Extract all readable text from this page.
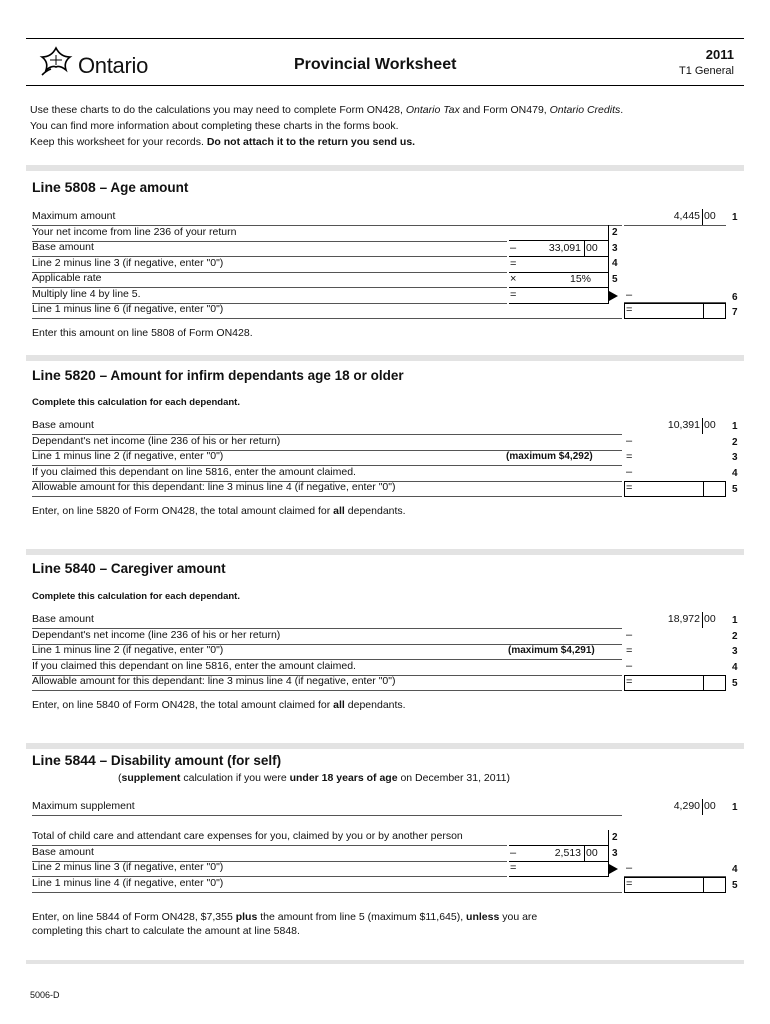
Ontario	Provincial Worksheet
2011
T1 General
Use these charts to do the calculations you may need to complete Form ON428, Ontario Tax and Form ON479, Ontario Credits.
You can find more information about completing these charts in the forms book.
Keep this worksheet for your records. Do not attach it to the return you send us.
Line 5808 – Age amount
Maximum amount
Your net income from line 236 of your return
Base amount
Line 2 minus line 3 (if negative, enter "0")
Applicable rate
Multiply line 4 by line 5.
Line 1 minus line 6 (if negative, enter "0")
4,445 00
33,091 00
15%
–
=
×
=
2
3
4
5
–
=
1
6
7
Enter this amount on line 5808 of Form ON428.
Line 5820 – Amount for infirm dependants age 18 or older
Complete this calculation for each dependant.
Base amount
Dependant's net income (line 236 of his or her return)
Line 1 minus line 2 (if negative, enter "0")
If you claimed this dependant on line 5816, enter the amount claimed.
Allowable amount for this dependant: line 3 minus line 4 (if negative, enter "0")
(maximum $4,292)
10,391 00
–
=
–
=
1
2
3
4
5
Enter, on line 5820 of Form ON428, the total amount claimed for all dependants.
Line 5840 – Caregiver amount
Complete this calculation for each dependant.
Base amount
Dependant's net income (line 236 of his or her return)
Line 1 minus line 2 (if negative, enter "0")
If you claimed this dependant on line 5816, enter the amount claimed.
Allowable amount for this dependant: line 3 minus line 4 (if negative, enter "0")
(maximum $4,291)
18,972 00
–
=
–
=
1
2
3
4
5
Enter, on line 5840 of Form ON428, the total amount claimed for all dependants.
Line 5844 – Disability amount (for self)
(supplement calculation if you were under 18 years of age on December 31, 2011)
Maximum supplement	4,290 00 1
Total of child care and attendant care expenses for you, claimed by you or by another person
Base amount
Line 2 minus line 3 (if negative, enter "0")
Line 1 minus line 4 (if negative, enter "0")
2,513 00
–
=
2
3
–
=
4
5
Enter, on line 5844 of Form ON428, $7,355 plus the amount from line 5 (maximum $11,645), unless you are
completing this chart to calculate the amount at line 5848.
5006-D
